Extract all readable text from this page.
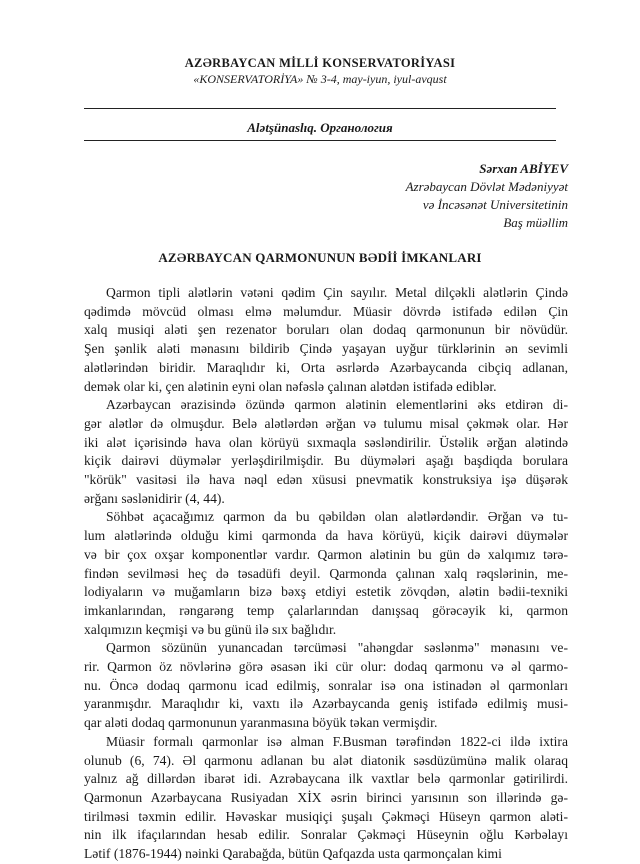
AZƏRBAYCAN MİLLİ KONSERVATORİYASI
«KONSERVATORİYA» № 3-4, may-iyun, iyul-avqust
Alətşünaslıq. Органология
Sərxan ABİYEV
Azrəbaycan Dövlət Mədəniyyət
və İncəsənət Universitetinin
Baş müəllim
AZƏRBAYCAN QARMONUNUN BƏDİİ İMKANLARI
Qarmon tipli alətlərin vətəni qədim Çin sayılır. Metal dilçəkli alətlərin Çində
qədimdə mövcüd olması elmə məlumdur. Müasir dövrdə istifadə edilən Çin
xalq musiqi aləti şen rezenator boruları olan dodaq qarmonunun bir növüdür.
Şen şənlik aləti mənasını bildirib Çində yaşayan uyğur türklərinin ən sevimli
alətlərindən biridir. Maraqlıdır ki, Orta əsrlərdə Azərbaycanda cibçiq adlanan,
demək olar ki, çen alətinin eyni olan nəfəslə çalınan alətdən istifadə ediblər.
Azərbaycan ərazisində özündə qarmon alətinin elementlərini əks etdirən di-
gər alətlər də olmuşdur. Belə alətlərdən ərğan və tulumu misal çəkmək olar. Hər
iki alət içərisində hava olan körüyü sıxmaqla səsləndirilir. Üstəlik ərğan alətində
kiçik dairəvi düymələr yerləşdirilmişdir. Bu düymələri aşağı başdiqda borulara
"körük" vasitəsi ilə hava nəql edən xüsusi pnevmatik konstruksiya işə düşərək
ərğanı səslənidirir (4, 44).
Söhbət açacağımız qarmon da bu qəbildən olan alətlərdəndir. Ərğan və tu-
lum alətlərində olduğu kimi qarmonda da hava körüyü, kiçik dairəvi düymələr
və bir çox oxşar komponentlər vardır. Qarmon alətinin bu gün də xalqımız tərə-
findən sevilməsi heç də təsadüfi deyil. Qarmonda çalınan xalq rəqslərinin, me-
lodiyaların və muğamların bizə bəxş etdiyi estetik zövqdən, alətin bədii-texniki
imkanlarından, rəngarəng temp çalarlarından danışsaq görəcəyik ki, qarmon
xalqımızın keçmişi və bu günü ilə sıx bağlıdır.
Qarmon sözünün yunancadan tərcüməsi "ahəngdar səslənmə" mənasını ve-
rir. Qarmon öz növlərinə görə əsasən iki cür olur: dodaq qarmonu və əl qarmo-
nu. Öncə dodaq qarmonu icad edilmiş, sonralar isə ona istinadən əl qarmonları
yaranmışdır. Maraqlıdır ki, vaxtı ilə Azərbaycanda geniş istifadə edilmiş musi-
qar aləti dodaq qarmonunun yaranmasına böyük təkan vermişdir.
Müasir formalı qarmonlar isə alman F.Busman tərəfindən 1822-ci ildə ixtira
olunub (6, 74). Əl qarmonu adlanan bu alət diatonik səsdüzümünə malik olaraq
yalnız ağ dillərdən ibarət idi. Azrəbaycana ilk vaxtlar belə qarmonlar gətirilirdi.
Qarmonun Azərbaycana Rusiyadan XİX əsrin birinci yarısının son illərində gə-
tirilməsi təxmin edilir. Həvəskar musiqiçi şuşalı Çəkməçi Hüseyn qarmon aləti-
nin ilk ifaçılarından hesab edilir. Sonralar Çəkməçi Hüseynin oğlu Kərbəlayı
Lətif (1876-1944) nəinki Qarabağda, bütün Qafqazda usta qarmonçalan kimi
